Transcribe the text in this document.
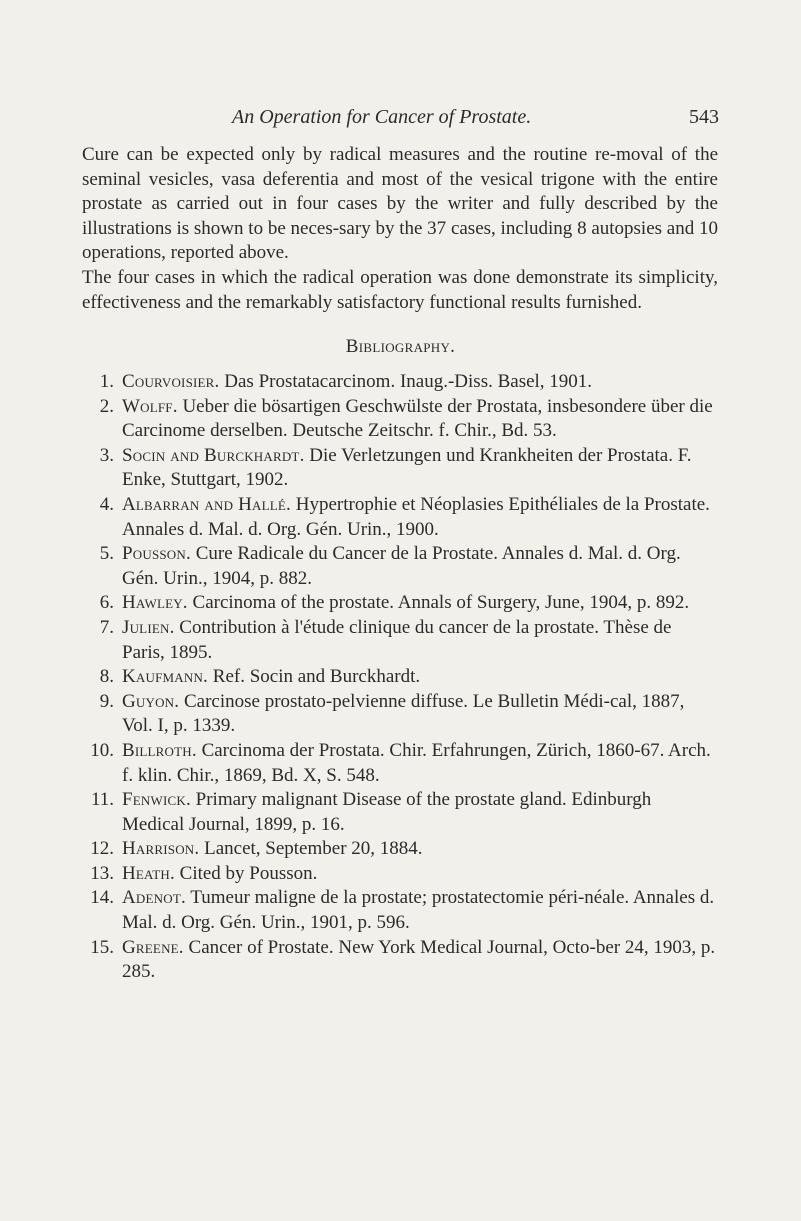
An Operation for Cancer of Prostate.	543

Cure can be expected only by radical measures and the routine re-moval of the seminal vesicles, vasa deferentia and most of the vesical trigone with the entire prostate as carried out in four cases by the writer and fully described by the illustrations is shown to be neces-sary by the 37 cases, including 8 autopsies and 10 operations, reported above.

The four cases in which the radical operation was done demonstrate its simplicity, effectiveness and the remarkably satisfactory functional results furnished.

Bibliography.
1. Courvoisier. Das Prostatacarcinom. Inaug.-Diss. Basel, 1901.
2. Wolff. Ueber die bösartigen Geschwülste der Prostata, insbesondere über die Carcinome derselben. Deutsche Zeitschr. f. Chir., Bd. 53.
3. Socin and Burckhardt. Die Verletzungen und Krankheiten der Prostata. F. Enke, Stuttgart, 1902.
4. Albarran and Hallé. Hypertrophie et Néoplasies Epithéliales de la Prostate. Annales d. Mal. d. Org. Gén. Urin., 1900.
5. Pousson. Cure Radicale du Cancer de la Prostate. Annales d. Mal. d. Org. Gén. Urin., 1904, p. 882.
6. Hawley. Carcinoma of the prostate. Annals of Surgery, June, 1904, p. 892.
7. Julien. Contribution à l'étude clinique du cancer de la prostate. Thèse de Paris, 1895.
8. Kaufmann. Ref. Socin and Burckhardt.
9. Guyon. Carcinose prostato-pelvienne diffuse. Le Bulletin Médi-cal, 1887, Vol. I, p. 1339.
10. Billroth. Carcinoma der Prostata. Chir. Erfahrungen, Zürich, 1860-67. Arch. f. klin. Chir., 1869, Bd. X, S. 548.
11. Fenwick. Primary malignant Disease of the prostate gland. Edinburgh Medical Journal, 1899, p. 16.
12. Harrison. Lancet, September 20, 1884.
13. Heath. Cited by Pousson.
14. Adenot. Tumeur maligne de la prostate; prostatectomie péri-néale. Annales d. Mal. d. Org. Gén. Urin., 1901, p. 596.
15. Greene. Cancer of Prostate. New York Medical Journal, Octo-ber 24, 1903, p. 285.
